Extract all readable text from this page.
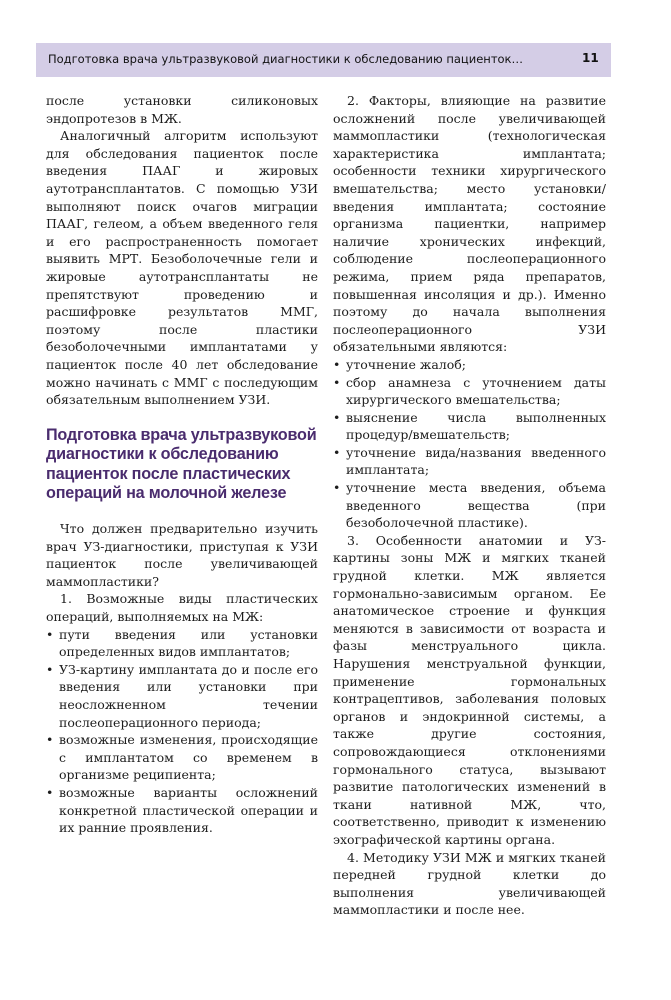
Подготовка врача ультразвуковой диагностики к обследованию пациенток…	11

после установки силиконовых эндопротезов в МЖ.

Аналогичный алгоритм используют для обследования пациенток после введения ПААГ и жировых аутотрансплантатов. С помощью УЗИ выполняют поиск очагов миграции ПААГ, гелеом, а объем введенного геля и его распространенность помогает выявить МРТ. Безоболочечные гели и жировые аутотрансплантаты не препятствуют проведению и расшифровке результатов ММГ, поэтому после пластики безоболочечными имплантатами у пациенток после 40 лет обследование можно начинать с ММГ с последующим обязательным выполнением УЗИ.

Подготовка врача ультразвуковой диагностики к обследованию пациенток после пластических операций на молочной железе

Что должен предварительно изучить врач УЗ-диагностики, приступая к УЗИ пациенток после увеличивающей маммопластики?

1. Возможные виды пластических операций, выполняемых на МЖ:

• пути введения или установки определенных видов имплантатов;
• УЗ-картину имплантата до и после его введения или установки при неосложненном течении послеоперационного периода;
• возможные изменения, происходящие с имплантатом со временем в организме реципиента;
• возможные варианты осложнений конкретной пластической операции и их ранние проявления.

2. Факторы, влияющие на развитие осложнений после увеличивающей маммопластики (технологическая характеристика имплантата; особенности техники хирургического вмешательства; место установки/введения имплантата; состояние организма пациентки, например наличие хронических инфекций, соблюдение послеоперационного режима, прием ряда препаратов, повышенная инсоляция и др.). Именно поэтому до начала выполнения послеоперационного УЗИ обязательными являются:

• уточнение жалоб;
• сбор анамнеза с уточнением даты хирургического вмешательства;
• выяснение числа выполненных процедур/вмешательств;
• уточнение вида/названия введенного имплантата;
• уточнение места введения, объема введенного вещества (при безоболочечной пластике).

3. Особенности анатомии и УЗ-картины зоны МЖ и мягких тканей грудной клетки. МЖ является гормонально-зависимым органом. Ее анатомическое строение и функция меняются в зависимости от возраста и фазы менструального цикла. Нарушения менструальной функции, применение гормональных контрацептивов, заболевания половых органов и эндокринной системы, а также другие состояния, сопровождающиеся отклонениями гормонального статуса, вызывают развитие патологических изменений в ткани нативной МЖ, что, соответственно, приводит к изменению эхографической картины органа.

4. Методику УЗИ МЖ и мягких тканей передней грудной клетки до выполнения увеличивающей маммопластики и после нее.
